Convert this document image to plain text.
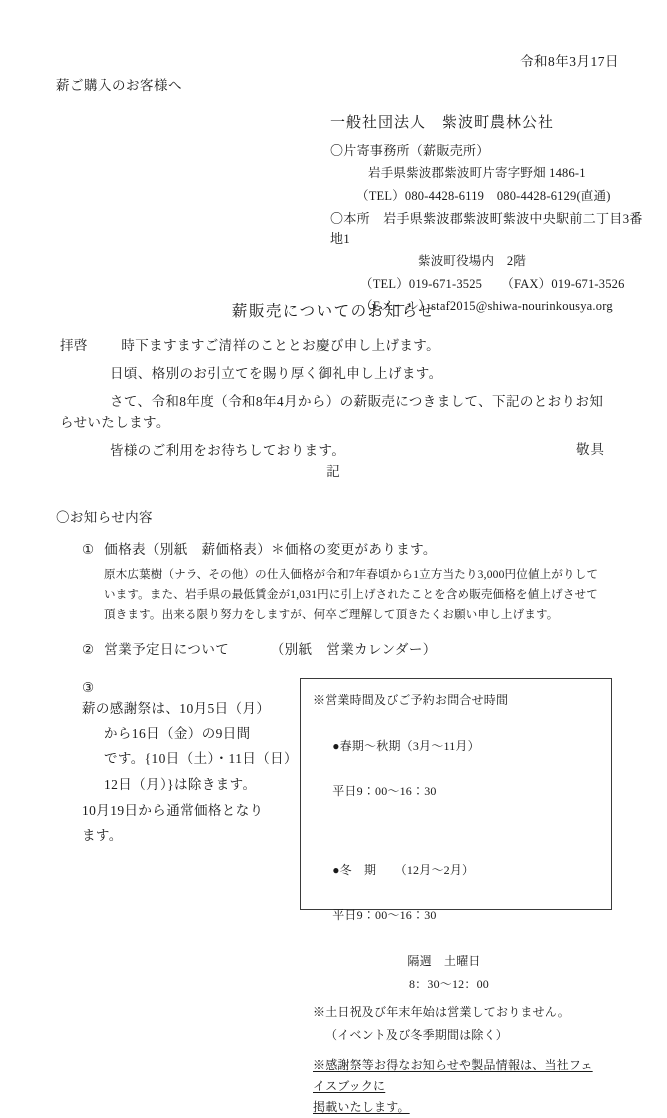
令和8年3月17日
薪ご購入のお客様へ
一般社団法人　紫波町農林公社
〇片寄事務所（薪販売所）
岩手県紫波郡紫波町片寄字野畑 1486-1
（TEL）080-4428-6119　080-4428-6129(直通)
〇本所　岩手県紫波郡紫波町紫波中央駅前二丁目3番地1
紫波町役場内　2階
（TEL）019-671-3525　　（FAX）019-671-3526
（Eメール）staf2015@shiwa-nourinkousya.org
薪販売についてのお知らせ
拝啓 時下ますますご清祥のこととお慶び申し上げます。
日頃、格別のお引立てを賜り厚く御礼申し上げます。
さて、令和8年度（令和8年4月から）の薪販売につきまして、下記のとおりお知
らせいたします。
皆様のご利用をお待ちしております。	敬具
記
〇お知らせ内容
① 価格表（別紙　薪価格表）＊価格の変更があります。
原木広葉樹（ナラ、その他）の仕入価格が令和7年春頃から1立方当たり3,000円位値上がりしています。また、岩手県の最低賃金が1,031円に引上げされたことを含め販売価格を値上げさせて頂きます。出来る限り努力をしますが、何卒ご理解して頂きたくお願い申し上げます。
② 営業予定日について	（別紙　営業カレンダー）
③ 薪の感謝祭は、10月5日（月）
から16日（金）の9日間
です。{10日（土）・11日（日）
12日（月）}は除きます。
10月19日から通常価格となり
ます。
※営業時間及びご予約お問合せ時間

●春期～秋期（3月～11月）

平日9：00～16：30

●冬　期　　（12月～2月）

平日9：00～16：30

隔週　土曜日
8：30～12：00
※土日祝及び年末年始は営業しておりません。
（イベント及び冬季期間は除く）
※感謝祭等お得なお知らせや製品情報は、当社フェイスブックに
掲載いたします。
